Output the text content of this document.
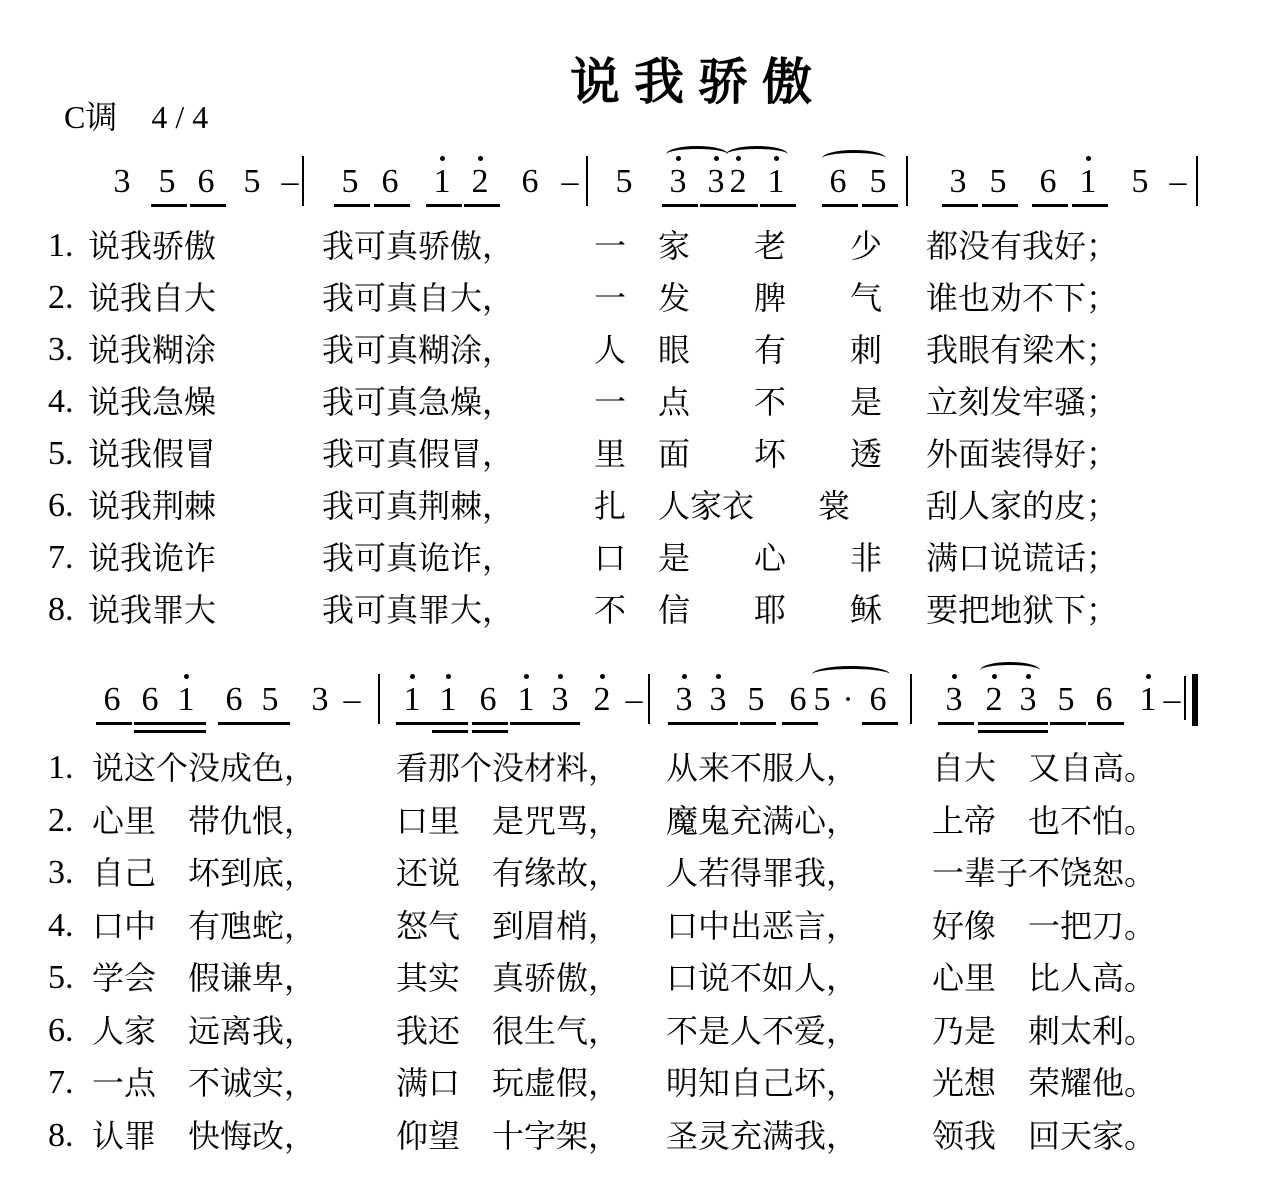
说我骄傲
C调 4 / 4
3 5 6 5 – 5 6 1 2 6 – 5 3 3 2 1 6 5 3 5 6 1 5 –
1. 说我骄傲	我可真骄傲， 一　家　　老　　少 都没有我好；
2. 说我自大	我可真自大， 一　发　　脾　　气 谁也劝不下；
3. 说我糊涂	我可真糊涂， 人　眼　　有　　刺 我眼有梁木；
4. 说我急燥	我可真急燥， 一　点　　不　　是 立刻发牢骚；
5. 说我假冒	我可真假冒， 里　面　　坏　　透 外面装得好；
6. 说我荆棘	我可真荆棘， 扎　人家衣　　裳 刮人家的皮；
7. 说我诡诈	我可真诡诈， 口　是　　心　　非 满口说谎话；
8. 说我罪大	我可真罪大， 不　信　　耶　　稣 要把地狱下；
6 6 1 6 5 3 – 1 1 6 1 3 2 – 3 3 5 6 5 · 6 3 2 3 5 6 1 –
1. 说这个没成色， 看那个没材料， 从来不服人， 自大　又自高。
2. 心里　带仇恨， 口里　是咒骂， 魔鬼充满心， 上帝　也不怕。
3. 自己　坏到底， 还说　有缘故， 人若得罪我， 一辈子不饶恕。
4. 口中　有虺蛇， 怒气　到眉梢， 口中出恶言， 好像　一把刀。
5. 学会　假谦卑， 其实　真骄傲， 口说不如人， 心里　比人高。
6. 人家　远离我， 我还　很生气， 不是人不爱， 乃是　刺太利。
7. 一点　不诚实， 满口　玩虚假， 明知自己坏， 光想　荣耀他。
8. 认罪　快悔改， 仰望　十字架， 圣灵充满我， 领我　回天家。
